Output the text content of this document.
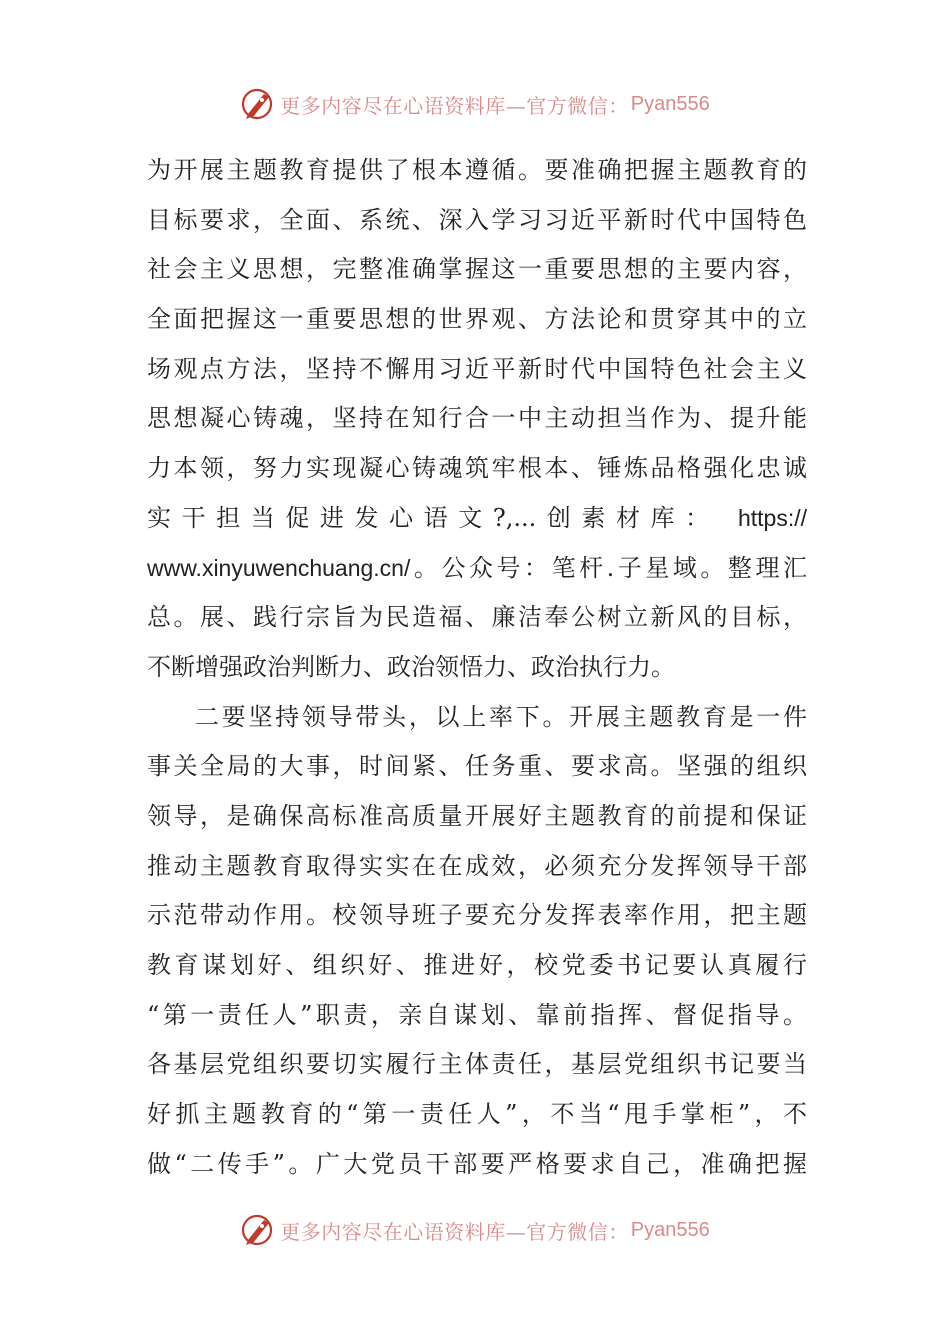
更多内容尽在心语资料库—官方微信： Pyan556
为开展主题教育提供了根本遵循。要准确把握主题教育的
目标要求，全面、系统、深入学习习近平新时代中国特色
社会主义思想，完整准确掌握这一重要思想的主要内容，
全面把握这一重要思想的世界观、方法论和贯穿其中的立
场观点方法，坚持不懈用习近平新时代中国特色社会主义
思想凝心铸魂，坚持在知行合一中主动担当作为、提升能
力本领，努力实现凝心铸魂筑牢根本、锤炼品格强化忠诚
实干担当促进发心语文?,...创素材库： https://
www.xinyuwenchuang.cn/。公众号：笔杆.子星域。整理汇
总。展、践行宗旨为民造福、廉洁奉公树立新风的目标，
不断增强政治判断力、政治领悟力、政治执行力。
二要坚持领导带头，以上率下。开展主题教育是一件
事关全局的大事，时间紧、任务重、要求高。坚强的组织
领导，是确保高标准高质量开展好主题教育的前提和保证
推动主题教育取得实实在在成效，必须充分发挥领导干部
示范带动作用。校领导班子要充分发挥表率作用，把主题
教育谋划好、组织好、推进好，校党委书记要认真履行
“第一责任人”职责，亲自谋划、靠前指挥、督促指导。
各基层党组织要切实履行主体责任，基层党组织书记要当
好抓主题教育的“第一责任人”，不当“甩手掌柜”，不
做“二传手”。广大党员干部要严格要求自己，准确把握
更多内容尽在心语资料库—官方微信： Pyan556
